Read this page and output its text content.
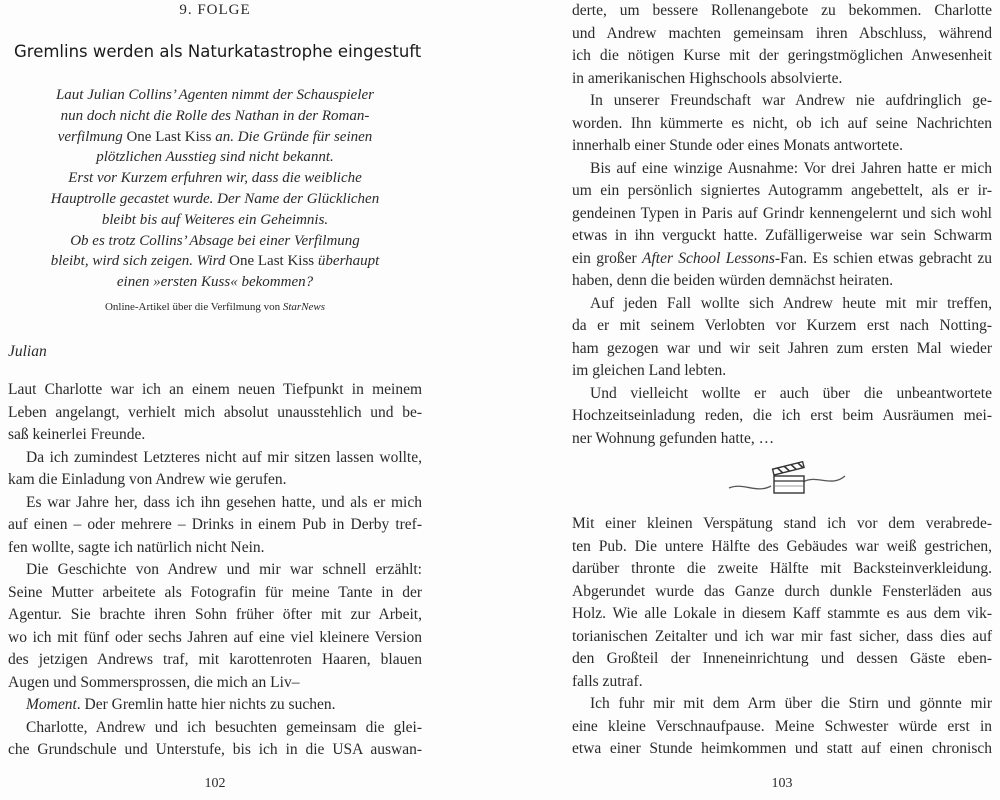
9. FOLGE
Gremlins werden als Naturkatastrophe eingestuft
Laut Julian Collins’ Agenten nimmt der Schauspieler
nun doch nicht die Rolle des Nathan in der Roman-
verfilmung One Last Kiss an. Die Gründe für seinen
plötzlichen Ausstieg sind nicht bekannt.
Erst vor Kurzem erfuhren wir, dass die weibliche
Hauptrolle gecastet wurde. Der Name der Glücklichen
bleibt bis auf Weiteres ein Geheimnis.
Ob es trotz Collins’ Absage bei einer Verfilmung
bleibt, wird sich zeigen. Wird One Last Kiss überhaupt
einen »ersten Kuss« bekommen?
Online-Artikel über die Verfilmung von StarNews
Julian
Laut Charlotte war ich an einem neuen Tiefpunkt in meinem
Leben angelangt, verhielt mich absolut unausstehlich und be-
saß keinerlei Freunde.
Da ich zumindest Letzteres nicht auf mir sitzen lassen wollte,
kam die Einladung von Andrew wie gerufen.
Es war Jahre her, dass ich ihn gesehen hatte, und als er mich
auf einen – oder mehrere – Drinks in einem Pub in Derby tref-
fen wollte, sagte ich natürlich nicht Nein.
Die Geschichte von Andrew und mir war schnell erzählt:
Seine Mutter arbeitete als Fotografin für meine Tante in der
Agentur. Sie brachte ihren Sohn früher öfter mit zur Arbeit,
wo ich mit fünf oder sechs Jahren auf eine viel kleinere Version
des jetzigen Andrews traf, mit karottenroten Haaren, blauen
Augen und Sommersprossen, die mich an Liv–
Moment. Der Gremlin hatte hier nichts zu suchen.
Charlotte, Andrew und ich besuchten gemeinsam die glei-
che Grundschule und Unterstufe, bis ich in die USA auswan-
102
derte, um bessere Rollenangebote zu bekommen. Charlotte
und Andrew machten gemeinsam ihren Abschluss, während
ich die nötigen Kurse mit der geringstmöglichen Anwesenheit
in amerikanischen Highschools absolvierte.
In unserer Freundschaft war Andrew nie aufdringlich ge-
worden. Ihn kümmerte es nicht, ob ich auf seine Nachrichten
innerhalb einer Stunde oder eines Monats antwortete.
Bis auf eine winzige Ausnahme: Vor drei Jahren hatte er mich
um ein persönlich signiertes Autogramm angebettelt, als er ir-
gendeinen Typen in Paris auf Grindr kennengelernt und sich wohl
etwas in ihn verguckt hatte. Zufälligerweise war sein Schwarm
ein großer After School Lessons-Fan. Es schien etwas gebracht zu
haben, denn die beiden würden demnächst heiraten.
Auf jeden Fall wollte sich Andrew heute mit mir treffen,
da er mit seinem Verlobten vor Kurzem erst nach Notting-
ham gezogen war und wir seit Jahren zum ersten Mal wieder
im gleichen Land lebten.
Und vielleicht wollte er auch über die unbeantwortete
Hochzeitseinladung reden, die ich erst beim Ausräumen mei-
ner Wohnung gefunden hatte, …
Mit einer kleinen Verspätung stand ich vor dem verabrede-
ten Pub. Die untere Hälfte des Gebäudes war weiß gestrichen,
darüber thronte die zweite Hälfte mit Backsteinverkleidung.
Abgerundet wurde das Ganze durch dunkle Fensterläden aus
Holz. Wie alle Lokale in diesem Kaff stammte es aus dem vik-
torianischen Zeitalter und ich war mir fast sicher, dass dies auf
den Großteil der Inneneinrichtung und dessen Gäste eben-
falls zutraf.
Ich fuhr mir mit dem Arm über die Stirn und gönnte mir
eine kleine Verschnaufpause. Meine Schwester würde erst in
etwa einer Stunde heimkommen und statt auf einen chronisch
103
